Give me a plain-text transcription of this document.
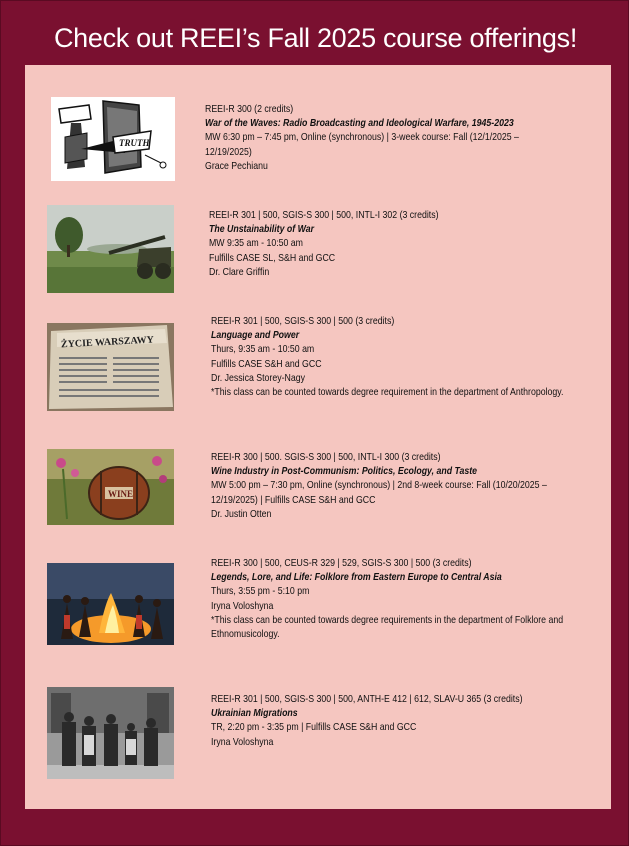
Check out REEI’s Fall 2025 course offerings!
TRUTH
REEI-R 300 (2 credits)
War of the Waves: Radio Broadcasting and Ideological Warfare, 1945-2023
MW 6:30 pm – 7:45 pm, Online (synchronous) | 3-week course: Fall (12/1/2025 –
12/19/2025)
Grace Pechianu
REEI-R 301 | 500, SGIS-S 300 | 500, INTL-I 302 (3 credits)
The Unstainability of War
MW 9:35 am - 10:50 am
Fulfills CASE SL, S&H and GCC
Dr. Clare Griffin
ŻYCIE WARSZAWY
REEI-R 301 | 500, SGIS-S 300 | 500 (3 credits)
Language and Power
Thurs, 9:35 am - 10:50 am
Fulfills CASE S&H and GCC
Dr. Jessica Storey-Nagy
*This class can be counted towards degree requirement in the department of Anthropology.
WINE
REEI-R 300 | 500. SGIS-S 300 | 500, INTL-I 300 (3 credits)
Wine Industry in Post-Communism: Politics, Ecology, and Taste
MW 5:00 pm – 7:30 pm, Online (synchronous) | 2nd 8-week course: Fall (10/20/2025 –
12/19/2025) | Fulfills CASE S&H and GCC
Dr. Justin Otten
REEI-R 300 | 500, CEUS-R 329 | 529, SGIS-S 300 | 500 (3 credits)
Legends, Lore, and Life: Folklore from Eastern Europe to Central Asia
Thurs, 3:55 pm - 5:10 pm
Iryna Voloshyna
*This class can be counted towards degree requirements in the department of Folklore and
Ethnomusicology.
REEI-R 301 | 500, SGIS-S 300 | 500, ANTH-E 412 | 612, SLAV-U 365 (3 credits)
Ukrainian Migrations
TR, 2:20 pm - 3:35 pm | Fulfills CASE S&H and GCC
Iryna Voloshyna
